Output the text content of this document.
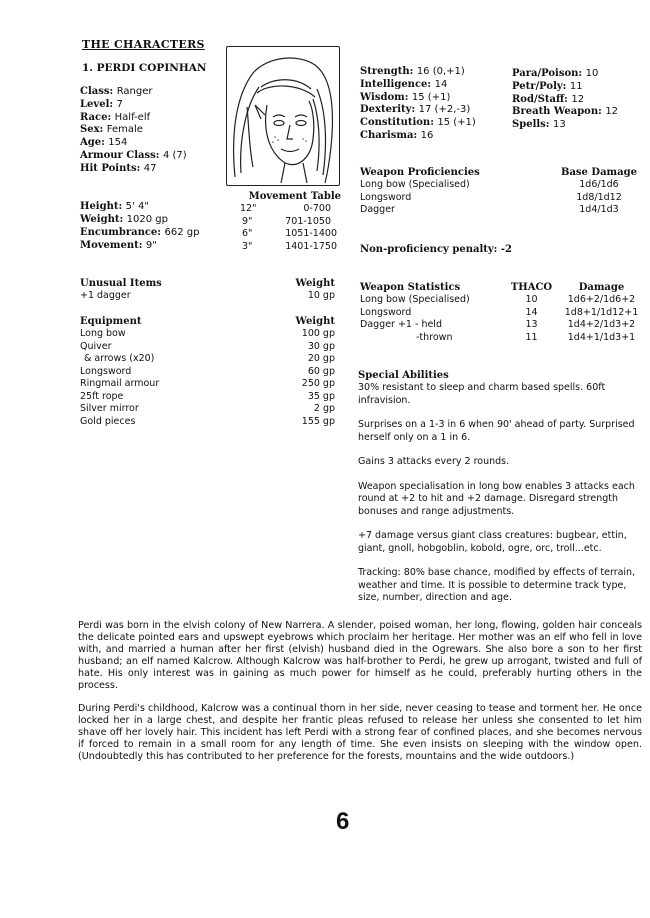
THE CHARACTERS
1. PERDI COPINHAN
Class: Ranger
Level: 7
Race: Half-elf
Sex: Female
Age: 154
Armour Class: 4 (7)
Hit Points: 47
Height: 5' 4"
Weight: 1020 gp
Encumbrance: 662 gp
Movement: 9"
Movement Table
12"	0-700
9"	701-1050
6"	1051-1400
3"	1401-1750
Unusual Items	Weight
+1 dagger	10 gp
Equipment	Weight
Long bow	100 gp
Quiver	30 gp
& arrows (x20)	20 gp
Longsword	60 gp
Ringmail armour	250 gp
25ft rope	35 gp
Silver mirror	2 gp
Gold pieces	155 gp
Strength: 16 (0,+1)
Intelligence: 14
Wisdom: 15 (+1)
Dexterity: 17 (+2,-3)
Constitution: 15 (+1)
Charisma: 16
Para/Poison: 10
Petr/Poly: 11
Rod/Staff: 12
Breath Weapon: 12
Spells: 13
Weapon Proficiencies	Base Damage
Long bow (Specialised)	1d6/1d6
Longsword	1d8/1d12
Dagger	1d4/1d3
Non-proficiency penalty: -2
Weapon Statistics	THACO	Damage
Long bow (Specialised)	10	1d6+2/1d6+2
Longsword	14	1d8+1/1d12+1
Dagger +1 - held	13	1d4+2/1d3+2
-thrown	11	1d4+1/1d3+1
Special Abilities
30% resistant to sleep and charm based spells. 60ft infravision.
Surprises on a 1-3 in 6 when 90' ahead of party. Surprised herself only on a 1 in 6.
Gains 3 attacks every 2 rounds.
Weapon specialisation in long bow enables 3 attacks each round at +2 to hit and +2 damage. Disregard strength bonuses and range adjustments.
+7 damage versus giant class creatures: bugbear, ettin, giant, gnoll, hobgoblin, kobold, ogre, orc, troll...etc.
Tracking: 80% base chance, modified by effects of terrain, weather and time. It is possible to determine track type, size, number, direction and age.

Perdi was born in the elvish colony of New Narrera. A slender, poised woman, her long, flowing, golden hair conceals the delicate pointed ears and upswept eyebrows which proclaim her heritage. Her mother was an elf who fell in love with, and married a human after her first (elvish) husband died in the Ogrewars. She also bore a son to her first husband; an elf named Kalcrow. Although Kalcrow was half-brother to Perdi, he grew up arrogant, twisted and full of hate. His only interest was in gaining as much power for himself as he could, preferably hurting others in the process.

During Perdi's childhood, Kalcrow was a continual thorn in her side, never ceasing to tease and torment her. He once locked her in a large chest, and despite her frantic pleas refused to release her unless she consented to let him shave off her lovely hair. This incident has left Perdi with a strong fear of confined places, and she becomes nervous if forced to remain in a small room for any length of time. She even insists on sleeping with the window open. (Undoubtedly this has contributed to her preference for the forests, mountains and the wide outdoors.)

6
